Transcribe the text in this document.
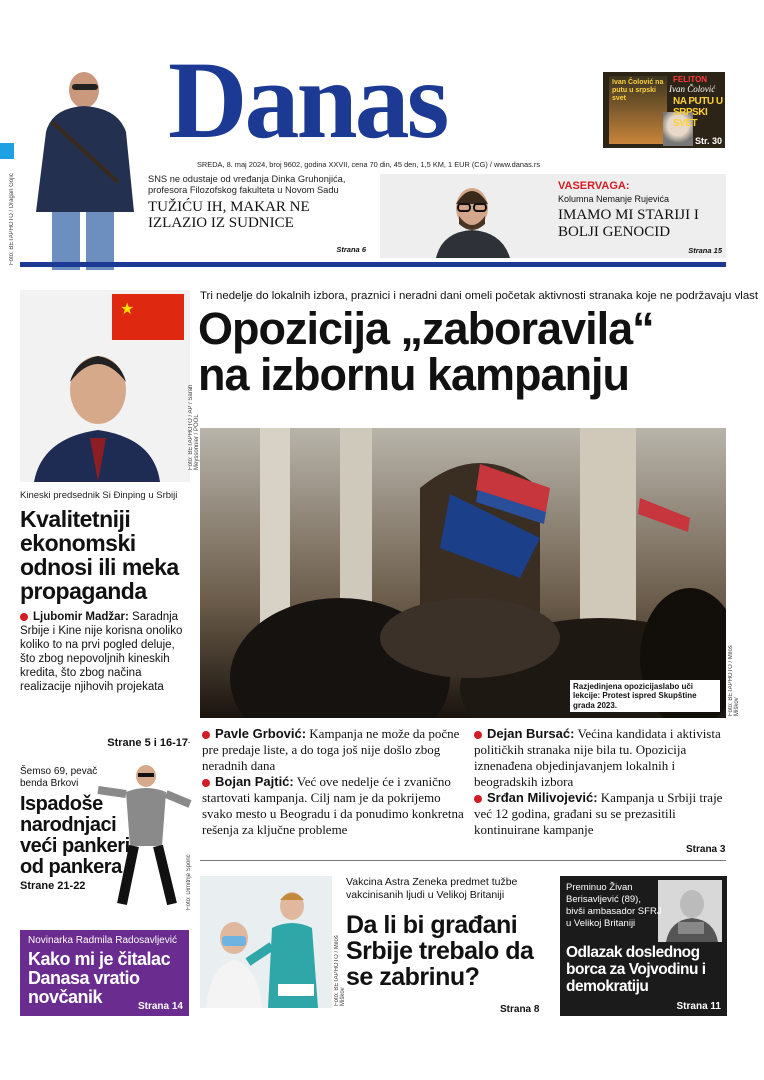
Foto: BETAPHOTO / Dragan Gojić
Danas
SREDA, 8. maj 2024, broj 9602, godina XXVII, cena 70 din, 45 den, 1,5 KM, 1 EUR (CG) / www.danas.rs
Ivan Čolović na putu u srpski svet
FELITON
Ivan Čolović
NA PUTU U SRPSKI SVET
Str. 30
SNS ne odustaje od vređanja Dinka Gruhonjića, profesora Filozofskog fakulteta u Novom Sadu
TUŽIĆU IH, MAKAR NE IZLAZIO IZ SUDNICE
Strana 6
VASERVAGA:
Kolumna Nemanje Rujevića
IMAMO MI STARIJI I BOLJI GENOCID
Strana 15
★
Kineski predsednik Si Đinping u Srbiji
Kvalitetniji ekonomski odnosi ili meka propaganda
Ljubomir Madžar: Saradnja Srbije i Kine nije korisna onoliko koliko to na prvi pogled deluje, što zbog nepovoljnih kineskih kredita, što zbog načina realizacije njihovih projekata
Strane 5 i 16-17
Šemso 69, pevač benda Brkovi
Ispadoše narodnjaci veći pankeri od pankera
Strane 21-22	Foto: Dimitrije Sporić
Novinarka Radmila Radosavljević
Kako mi je čitalac Danasa vratio novčanik	Strana 14
Tri nedelje do lokalnih izbora, praznici i neradni dani omeli početak aktivnosti stranaka koje ne podržavaju vlast
Opozicija „zaboravila“ na izbornu kampanju
Foto: BETAPHOTO / AP / Sarah Meyssonnier / POOL
Razjedinjena opozicijaslabo uči lekcije: Protest ispred Skupštine grada 2023.	Foto: BETAPHOTO / Miloš Miškov
Pavle Grbović: Kampanja ne može da počne pre predaje liste, a do toga još nije došlo zbog neradnih dana
Bojan Pajtić: Već ove nedelje će i zvanično startovati kampanja. Cilj nam je da pokrijemo svako mesto u Beogradu i da ponudimo konkretna rešenja za ključne probleme
Dejan Bursać: Većina kandidata i aktivista političkih stranaka nije bila tu. Opozicija iznenađena objedinjavanjem lokalnih i beogradskih izbora
Srđan Milivojević: Kampanja u Srbiji traje već 12 godina, građani su se prezasitili kontinuirane kampanje
Strana 3
Foto: BETAPHOTO / Miloš Miškov
Vakcina Astra Zeneka predmet tužbe vakcinisanih ljudi u Velikoj Britaniji
Da li bi građani Srbije trebalo da se zabrinu?
Strana 8
Preminuo Živan Berisavljević (89), bivši ambasador SFRJ u Velikoj Britaniji
Odlazak doslednog borca za Vojvodinu i demokratiju
Strana 11
